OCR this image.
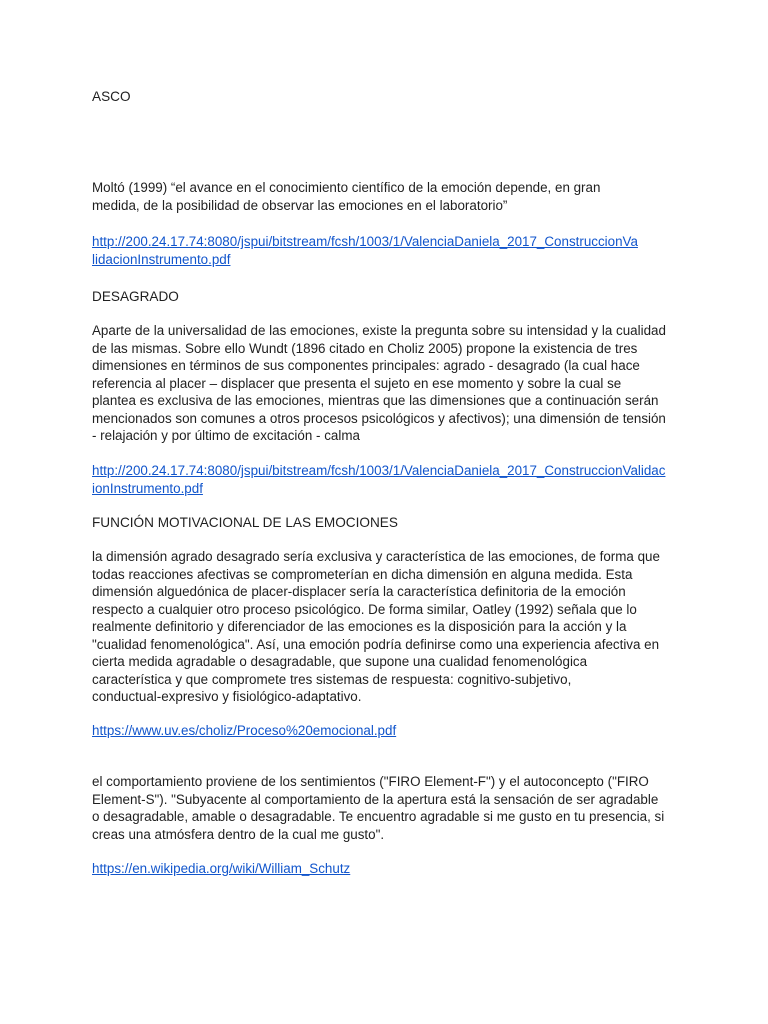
ASCO
Moltó (1999) “el avance en el conocimiento científico de la emoción depende, en gran
medida, de la posibilidad de observar las emociones en el laboratorio”
http://200.24.17.74:8080/jspui/bitstream/fcsh/1003/1/ValenciaDaniela_2017_ConstruccionVa
lidacionInstrumento.pdf
DESAGRADO
Aparte de la universalidad de las emociones, existe la pregunta sobre su intensidad y la cualidad
de las mismas. Sobre ello Wundt (1896 citado en Choliz 2005) propone la existencia de tres
dimensiones en términos de sus componentes principales: agrado - desagrado (la cual hace
referencia al placer – displacer que presenta el sujeto en ese momento y sobre la cual se
plantea es exclusiva de las emociones, mientras que las dimensiones que a continuación serán
mencionados son comunes a otros procesos psicológicos y afectivos); una dimensión de tensión
- relajación y por último de excitación - calma
http://200.24.17.74:8080/jspui/bitstream/fcsh/1003/1/ValenciaDaniela_2017_ConstruccionValidac
ionInstrumento.pdf
FUNCIÓN MOTIVACIONAL DE LAS EMOCIONES
la dimensión agrado desagrado sería exclusiva y característica de las emociones, de forma que
todas reacciones afectivas se comprometerían en dicha dimensión en alguna medida. Esta
dimensión alguedónica de placer-displacer sería la característica definitoria de la emoción
respecto a cualquier otro proceso psicológico. De forma similar, Oatley (1992) señala que lo
realmente definitorio y diferenciador de las emociones es la disposición para la acción y la
"cualidad fenomenológica". Así, una emoción podría definirse como una experiencia afectiva en
cierta medida agradable o desagradable, que supone una cualidad fenomenológica
característica y que compromete tres sistemas de respuesta: cognitivo-subjetivo,
conductual-expresivo y fisiológico-adaptativo.
https://www.uv.es/choliz/Proceso%20emocional.pdf
el comportamiento proviene de los sentimientos ("FIRO Element-F") y el autoconcepto ("FIRO
Element-S"). "Subyacente al comportamiento de la apertura está la sensación de ser agradable
o desagradable, amable o desagradable. Te encuentro agradable si me gusto en tu presencia, si
creas una atmósfera dentro de la cual me gusto".
https://en.wikipedia.org/wiki/William_Schutz
